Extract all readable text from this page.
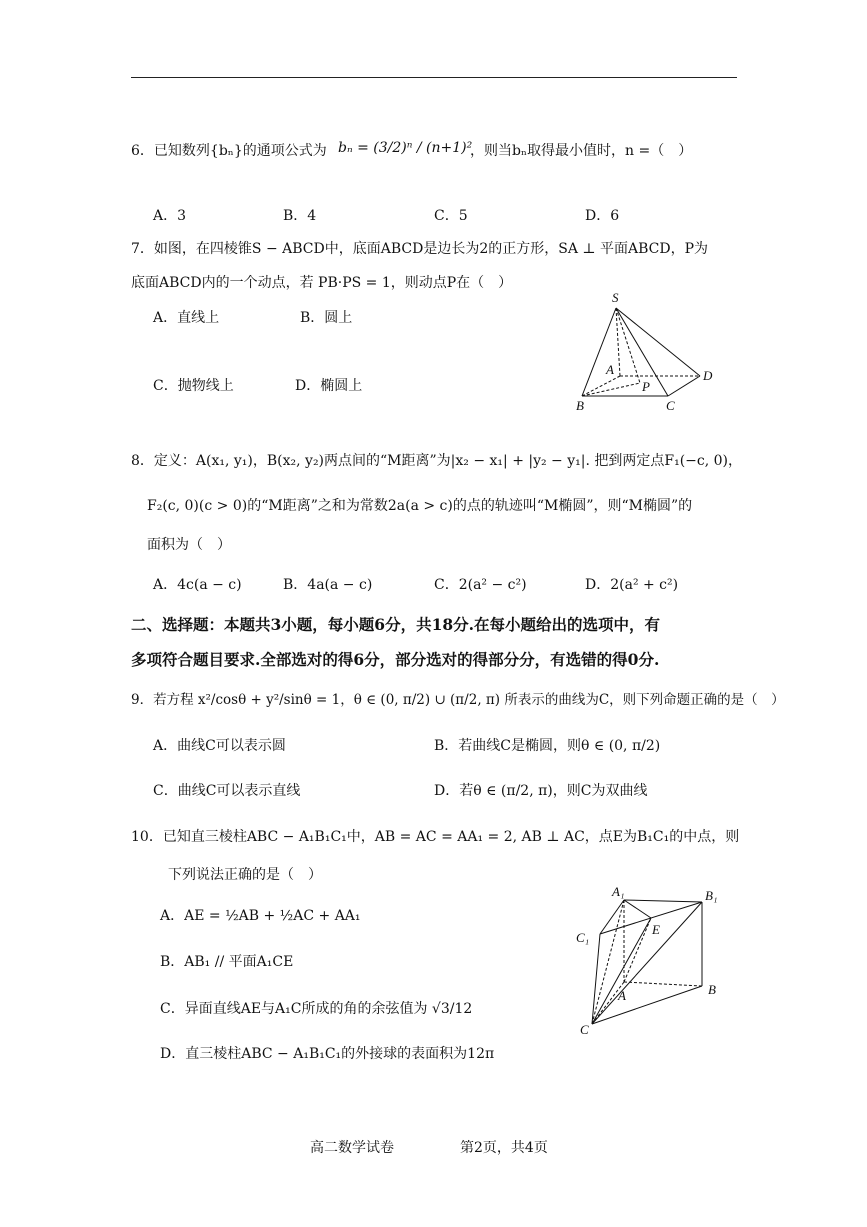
6．已知数列{bₙ}的通项公式为 bₙ = (3/2)ⁿ / (n+1)²
，则当bₙ取得最小值时，n =（　）
A．3	B．4	C．5	D．6
7．如图，在四棱锥S − ABCD中，底面ABCD是边长为2的正方形，SA ⊥ 平面ABCD，P为
底面ABCD内的一个动点，若 PB·PS = 1，则动点P在（　）
A．直线上	B．圆上
C．抛物线上	D．椭圆上
S
A
P
D
B	C
8．定义：A(x₁, y₁)，B(x₂, y₂)两点间的“M距离”为|x₂ − x₁| + |y₂ − y₁|. 把到两定点F₁(−c, 0)，
F₂(c, 0)(c > 0)的“M距离”之和为常数2a(a > c)的点的轨迹叫“M椭圆”，则“M椭圆”的
面积为（　）
A．4c(a − c)	B．4a(a − c)	C．2(a² − c²)	D．2(a² + c²)
二、选择题：本题共3小题，每小题6分，共18分.在每小题给出的选项中，有
多项符合题目要求.全部选对的得6分，部分选对的得部分分，有选错的得0分.
9．若方程 x²/cosθ + y²/sinθ = 1，θ ∈ (0, π/2) ∪ (π/2, π) 所表示的曲线为C，则下列命题正确的是（　）
A．曲线C可以表示圆	B．若曲线C是椭圆，则θ ∈ (0, π/2)
C．曲线C可以表示直线	D．若θ ∈ (π/2, π)，则C为双曲线
10．已知直三棱柱ABC − A₁B₁C₁中，AB = AC = AA₁ = 2, AB ⊥ AC，点E为B₁C₁的中点，则
下列说法正确的是（　）
A．AE = ½AB + ½AC + AA₁
B．AB₁ // 平面A₁CE
C．异面直线AE与A₁C所成的角的余弦值为 √3/12
D．直三棱柱ABC − A₁B₁C₁的外接球的表面积为12π
A₁	B₁
C₁
E
A	B
C
高二数学试卷	第2页，共4页
